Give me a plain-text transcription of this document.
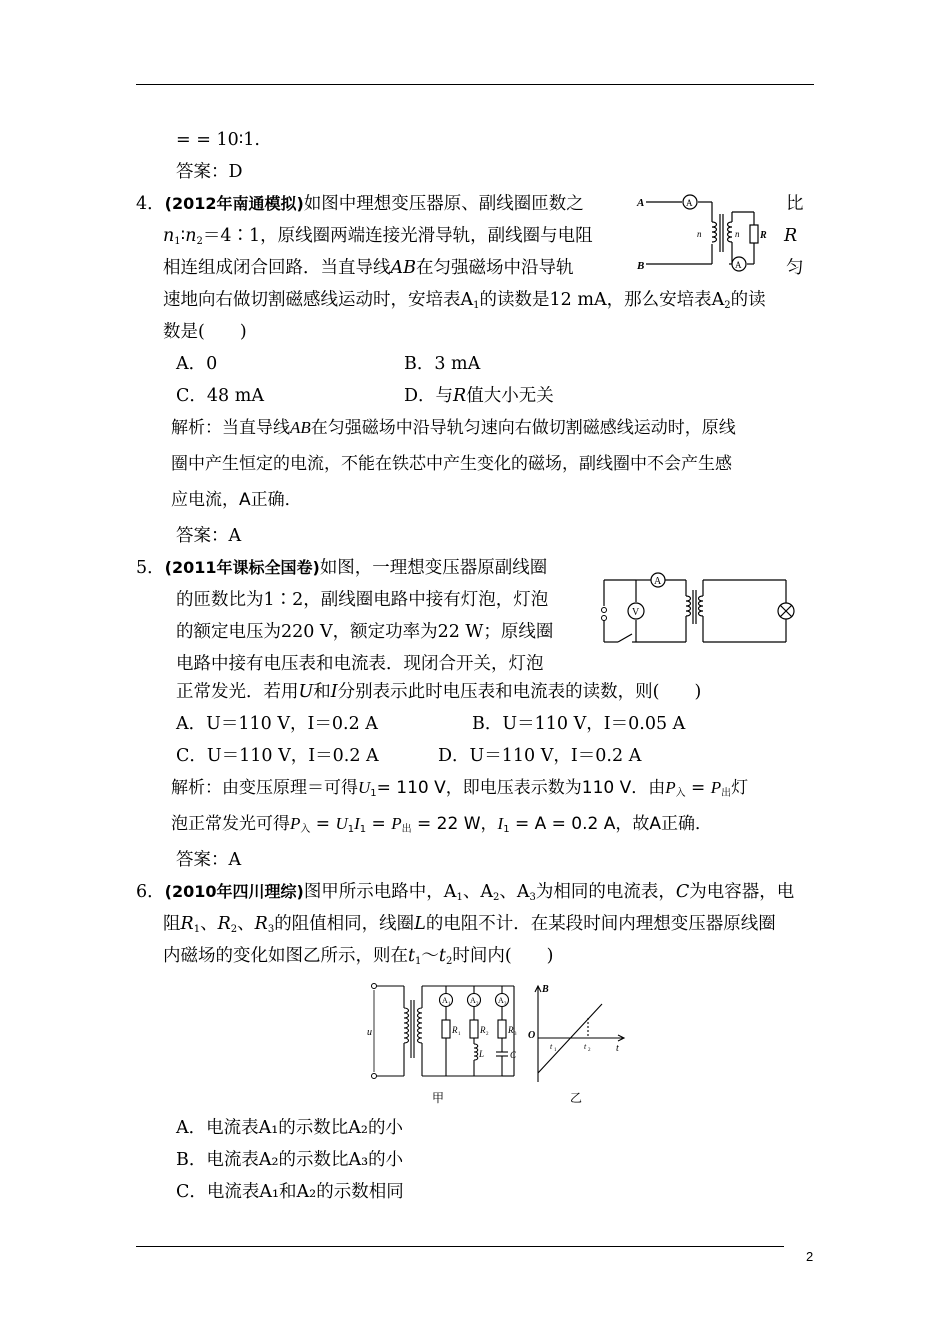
= = 10∶1.
答案：D
4．(2012年南通模拟)如图中理想变压器原、副线圈匝数之	比
$n_1∶n_2=4∶1$，原线圈两端连接光滑导轨，副线圈与电阻	R
相连组成闭合回路．当直导线AB在匀强磁场中沿导轨	匀
速地向右做切割磁感线运动时，安培表$A_1$的读数是12 mA，那么安培表$A_2$的读
数是(　　)
A．0	B．3 mA
C．48 mA	D．与R值大小无关
解析：当直导线AB在匀强磁场中沿导轨匀速向右做切割磁感线运动时，原线
圈中产生恒定的电流，不能在铁芯中产生变化的磁场，副线圈中不会产生感
应电流，A正确．
答案：A
A
B
A
A
n	n R
5．(2011年课标全国卷)如图，一理想变压器原副线圈
的匝数比为1∶2，副线圈电路中接有灯泡，灯泡
的额定电压为220 V，额定功率为22 W；原线圈
电路中接有电压表和电流表．现闭合开关，灯泡
正常发光．若用U和I分别表示此时电压表和电流表的读数，则(　　)
A．U＝110 V，I＝0.2 A	B．U＝110 V，I＝0.05 A
C．U＝110 V，I＝0.2 A	D．U＝110 V，I＝0.2 A
解析：由变压原理＝可得$U_1= 110$ V，即电压表示数为110 V．由$P_入 = P_出$灯
泡正常发光可得$P_入 = U_1I_1 = P_出 = 22$ W，$I_1 = A = 0.2$ A，故A正确．
答案：A
A
V
6．(2010年四川理综)图甲所示电路中，$A_1$、$A_2$、$A_3$为相同的电流表，C为电容器，电
阻$R_1$、$R_2$、$R_3$的阻值相同，线圈L的电阻不计．在某段时间内理想变压器原线圈
内磁场的变化如图乙所示，则在$t_1\sim t_2$时间内(　　)
A 1 A 2 A 3
u	R	R	R
1	2	3
L	C
甲
B
O
t
t 1	t 2
乙
A．电流表A₁的示数比A₂的小
B．电流表A₂的示数比A₃的小
C．电流表A₁和A₂的示数相同
2
